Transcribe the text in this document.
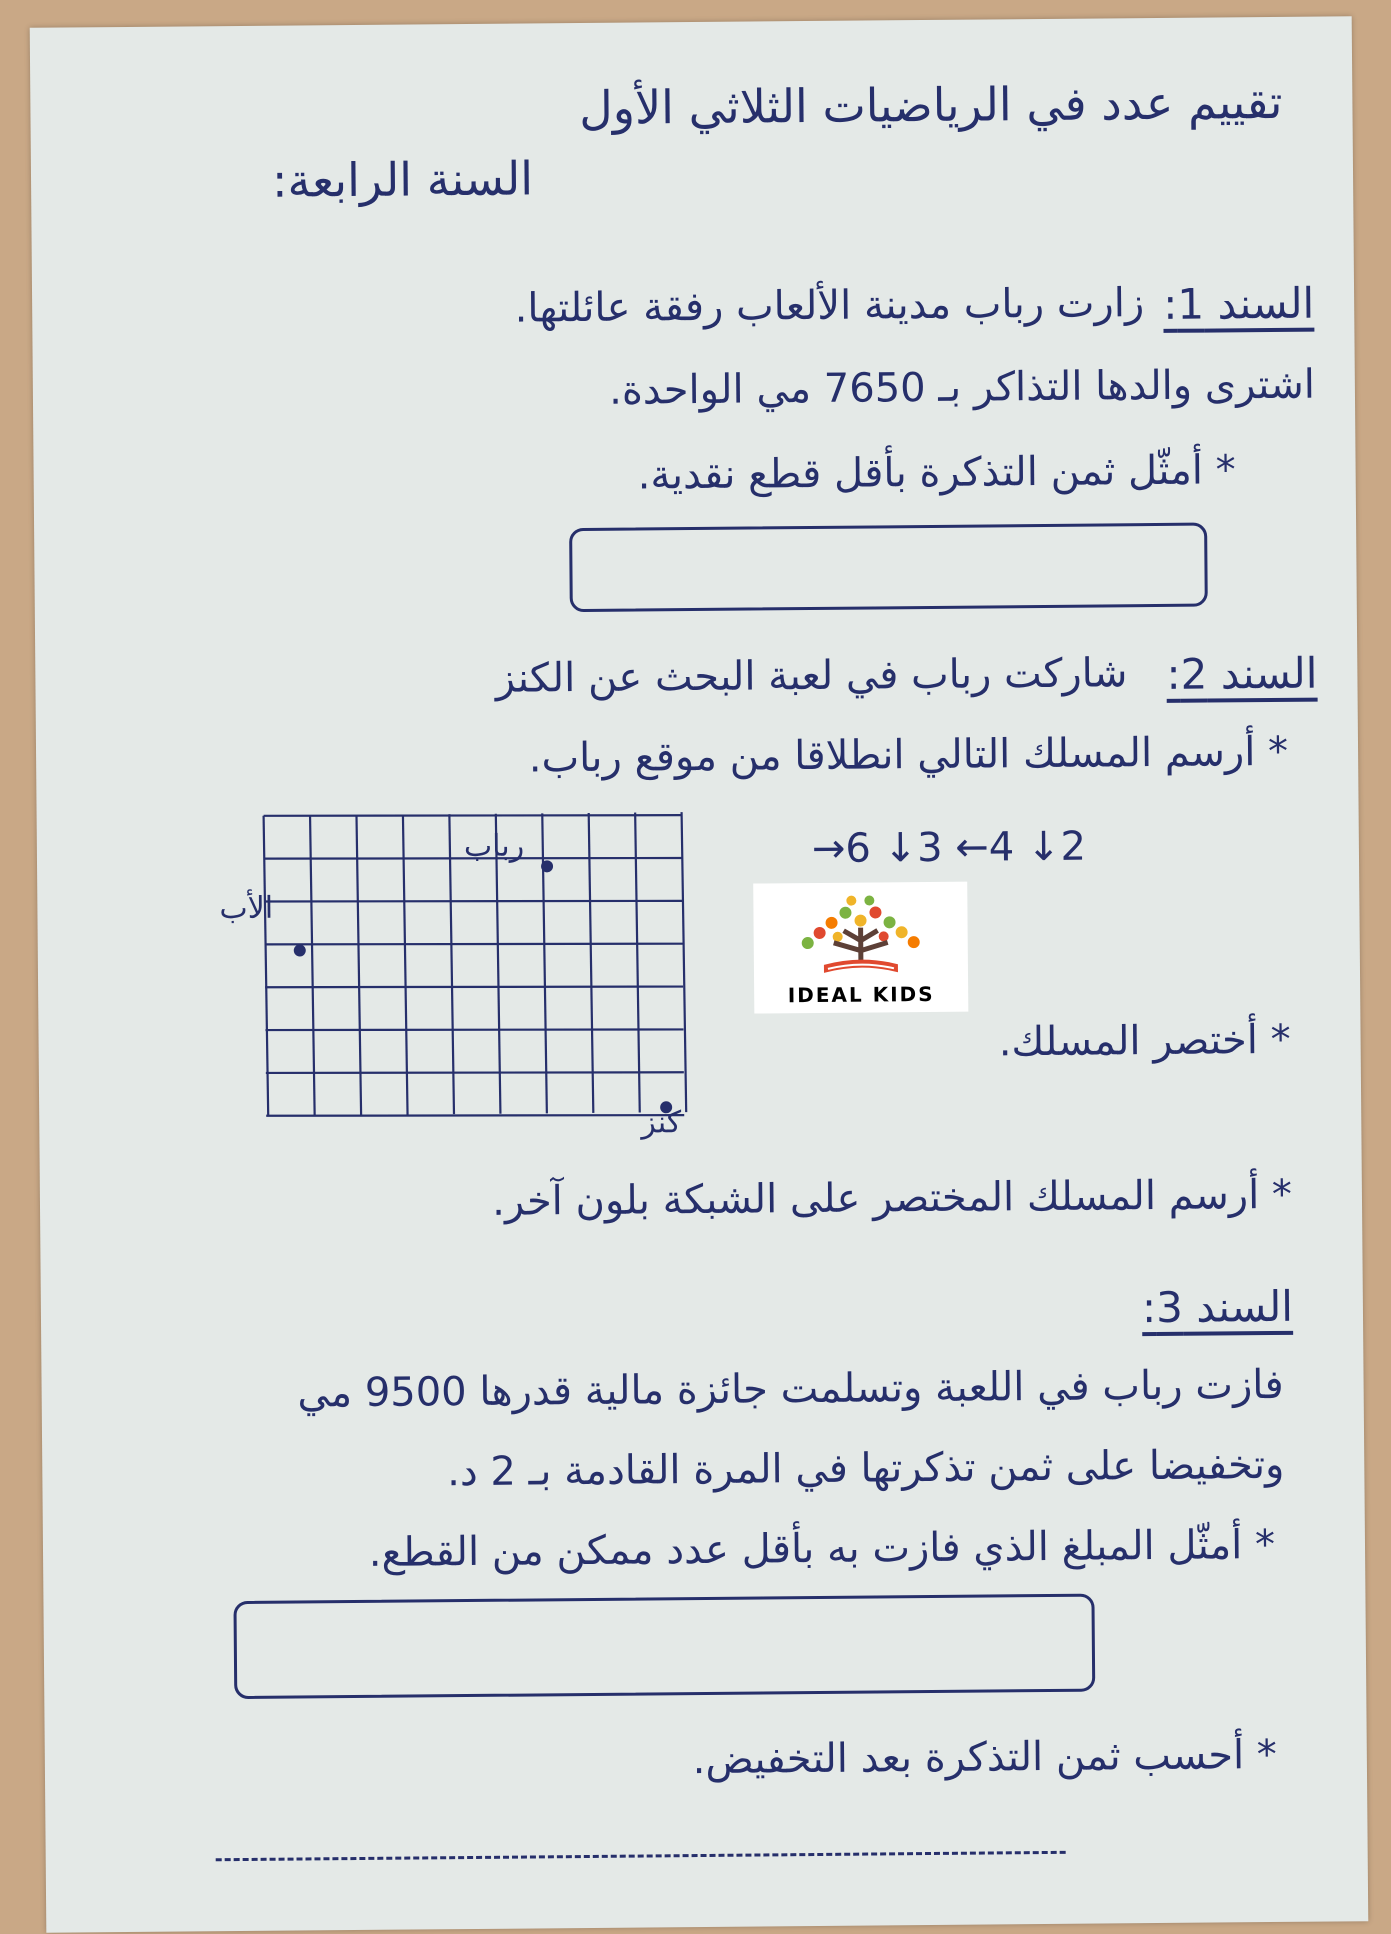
تقييم عدد في الرياضيات الثلاثي الأول
السنة الرابعة:
السند 1:
زارت رباب مدينة الألعاب رفقة عائلتها.
اشترى والدها التذاكر بـ 7650 مي الواحدة.
* أمثّل ثمن التذكرة بأقل قطع نقدية.
السند 2:
شاركت رباب في لعبة البحث عن الكنز
* أرسم المسلك التالي انطلاقا من موقع رباب.
→6 ↓3 ←4 ↓2
رباب
الأب
كنز
IDEAL KIDS
* أختصر المسلك.
* أرسم المسلك المختصر على الشبكة بلون آخر.
السند 3:
فازت رباب في اللعبة وتسلمت جائزة مالية قدرها 9500 مي
وتخفيضا على ثمن تذكرتها في المرة القادمة بـ 2 د.
* أمثّل المبلغ الذي فازت به بأقل عدد ممكن من القطع.
* أحسب ثمن التذكرة بعد التخفيض.
